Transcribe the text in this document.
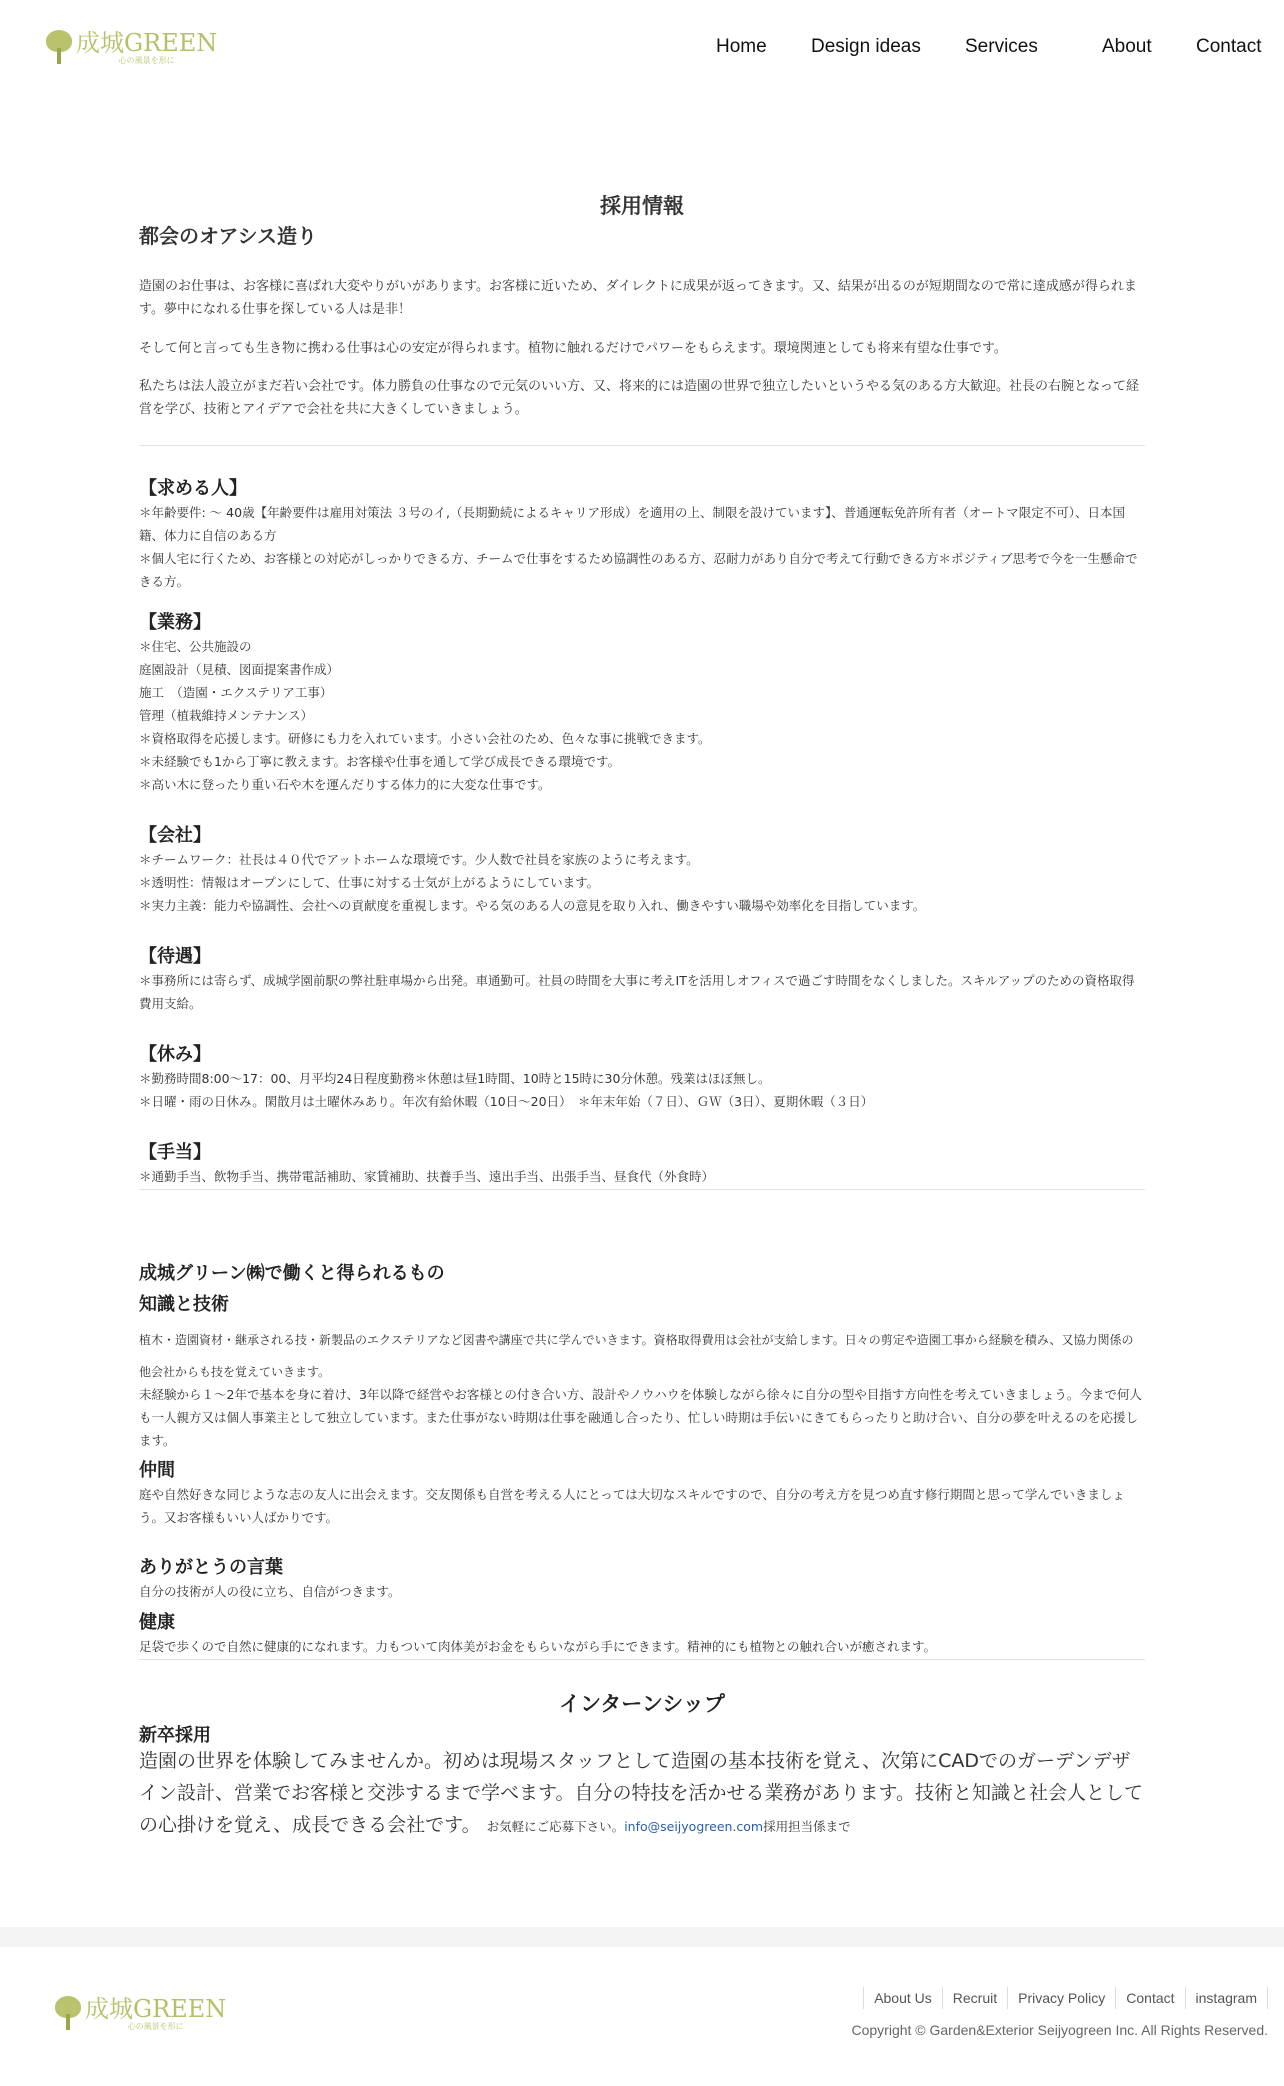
成城GREEN
心の風景を形に
Home Design ideas Services	About Contact
採用情報
都会のオアシス造り

造園のお仕事は、お客様に喜ばれ大変やりがいがあります。お客様に近いため、ダイレクトに成果が返ってきます。又、結果が出るのが短期間なので常に達成感が得られます。夢中になれる仕事を探している人は是非！

そして何と言っても生き物に携わる仕事は心の安定が得られます。植物に触れるだけでパワーをもらえます。環境関連としても将来有望な仕事です。

私たちは法人設立がまだ若い会社です。体力勝負の仕事なので元気のいい方、又、将来的には造園の世界で独立したいというやる気のある方大歓迎。社長の右腕となって経営を学び、技術とアイデアで会社を共に大きくしていきましょう。

【求める人】

＊年齢要件: ～ 40歳【年齢要件は雇用対策法 ３号のイ,（長期勤続によるキャリア形成）を適用の上、制限を設けています】、普通運転免許所有者（オートマ限定不可）、日本国籍、体力に自信のある方

＊個人宅に行くため、お客様との対応がしっかりできる方、チームで仕事をするため協調性のある方、忍耐力があり自分で考えて行動できる方＊ポジティブ思考で今を一生懸命できる方。

【業務】

＊住宅、公共施設の

庭園設計（見積、図面提案書作成）

施工　（造園・エクステリア工事）

管理（植栽維持メンテナンス）

＊資格取得を応援します。研修にも力を入れています。小さい会社のため、色々な事に挑戦できます。

＊未経験でも1から丁寧に教えます。お客様や仕事を通して学び成長できる環境です。

＊高い木に登ったり重い石や木を運んだりする体力的に大変な仕事です。

【会社】

＊チームワーク：社長は４０代でアットホームな環境です。少人数で社員を家族のように考えます。

＊透明性：情報はオープンにして、仕事に対する士気が上がるようにしています。

＊実力主義：能力や協調性、会社への貢献度を重視します。やる気のある人の意見を取り入れ、働きやすい職場や効率化を目指しています。

【待遇】

＊事務所には寄らず、成城学園前駅の弊社駐車場から出発。車通勤可。社員の時間を大事に考えITを活用しオフィスで過ごす時間をなくしました。スキルアップのための資格取得費用支給。

【休み】

＊勤務時間8:00～17：00、月平均24日程度勤務＊休憩は昼1時間、10時と15時に30分休憩。残業はほぼ無し。

＊日曜・雨の日休み。閑散月は土曜休みあり。年次有給休暇（10日～20日）　＊年末年始（７日）、ＧＷ（3日）、夏期休暇（３日）

【手当】

＊通勤手当、飲物手当、携帯電話補助、家賃補助、扶養手当、遠出手当、出張手当、昼食代（外食時）

成城グリーン㈱で働くと得られるもの
知識と技術

植木・造園資材・継承される技・新製品のエクステリアなど図書や講座で共に学んでいきます。資格取得費用は会社が支給します。日々の剪定や造園工事から経験を積み、又協力関係の他会社からも技を覚えていきます。

未経験から１～2年で基本を身に着け、3年以降で経営やお客様との付き合い方、設計やノウハウを体験しながら徐々に自分の型や目指す方向性を考えていきましょう。今まで何人も一人親方又は個人事業主として独立しています。また仕事がない時期は仕事を融通し合ったり、忙しい時期は手伝いにきてもらったりと助け合い、自分の夢を叶えるのを応援します。

仲間

庭や自然好きな同じような志の友人に出会えます。交友関係も自営を考える人にとっては大切なスキルですので、自分の考え方を見つめ直す修行期間と思って学んでいきましょう。又お客様もいい人ばかりです。

ありがとうの言葉

自分の技術が人の役に立ち、自信がつきます。

健康

足袋で歩くので自然に健康的になれます。力もついて肉体美がお金をもらいながら手にできます。精神的にも植物との触れ合いが癒されます。

インターンシップ
新卒採用

造園の世界を体験してみませんか。初めは現場スタッフとして造園の基本技術を覚え、次第にCADでのガーデンデザイン設計、営業でお客様と交渉するまで学べます。自分の特技を活かせる業務があります。技術と知識と社会人としての心掛けを覚え、成長できる会社です。 お気軽にご応募下さい。info@seijyogreen.com採用担当係まで

成城GREEN
心の風景を形に
About Us	Recruit	Privacy Policy	Contact	instagram
Copyright © Garden&Exterior Seijyogreen Inc. All Rights Reserved.
